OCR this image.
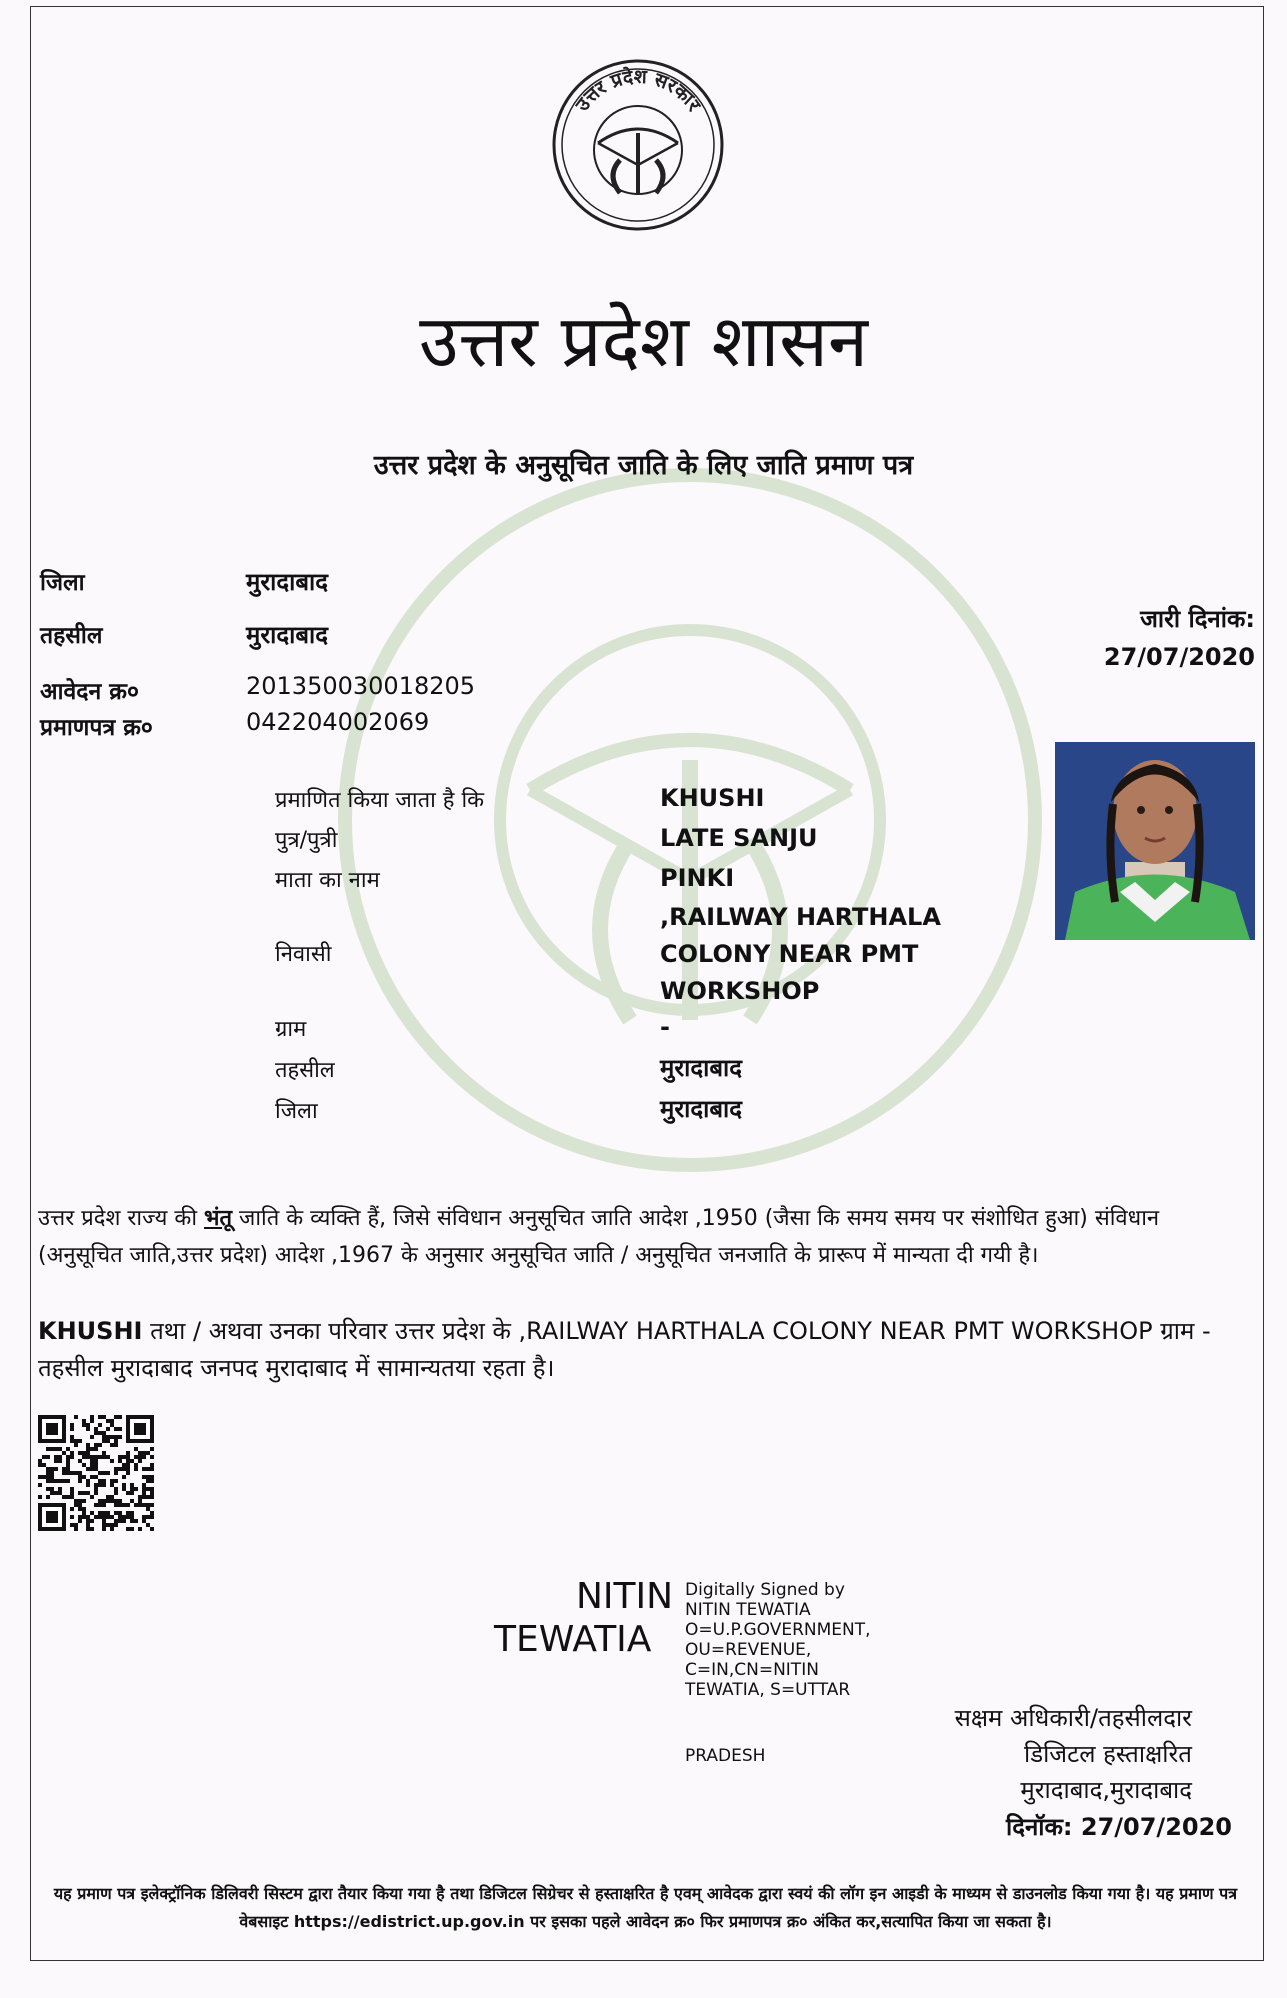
उत्तर प्रदेश सरकार
उत्तर प्रदेश शासन
उत्तर प्रदेश के अनुसूचित जाति के लिए जाति प्रमाण पत्र
जिला	मुरादाबाद
तहसील	मुरादाबाद
आवेदन क्र०	201350030018205
प्रमाणपत्र क्र०	042204002069
जारी दिनांक:
27/07/2020
प्रमाणित किया जाता है कि	KHUSHI
पुत्र/पुत्री	LATE SANJU
माता का नाम	PINKI
निवासी
,RAILWAY HARTHALA
COLONY NEAR PMT
WORKSHOP
ग्राम	-
तहसील	मुरादाबाद
जिला	मुरादाबाद
उत्तर प्रदेश राज्य की भंतू जाति के व्यक्ति हैं, जिसे संविधान अनुसूचित जाति आदेश ,1950 (जैसा कि समय समय पर संशोधित हुआ) संविधान (अनुसूचित जाति,उत्तर प्रदेश) आदेश ,1967 के अनुसार अनुसूचित जाति / अनुसूचित जनजाति के प्रारूप में मान्यता दी गयी है।
KHUSHI तथा / अथवा उनका परिवार उत्तर प्रदेश के ,RAILWAY HARTHALA COLONY NEAR PMT WORKSHOP ग्राम - तहसील मुरादाबाद जनपद मुरादाबाद में सामान्यतया रहता है।
NITIN
TEWATIA
Digitally Signed by
NITIN TEWATIA
O=U.P.GOVERNMENT,
OU=REVENUE,
C=IN,CN=NITIN
TEWATIA, S=UTTAR
PRADESH
सक्षम अधिकारी/तहसीलदार
डिजिटल हस्ताक्षरित
मुरादाबाद,मुरादाबाद
दिनॉक: 27/07/2020
यह प्रमाण पत्र इलेक्ट्रॉनिक डिलिवरी सिस्टम द्वारा तैयार किया गया है तथा डिजिटल सिग्रेचर से हस्ताक्षरित है एवम् आवेदक द्वारा स्वयं की लॉग इन आइडी के माध्यम से डाउनलोड किया गया है। यह प्रमाण पत्र वेबसाइट https://edistrict.up.gov.in पर इसका पहले आवेदन क्र० फिर प्रमाणपत्र क्र० अंकित कर,सत्यापित किया जा सकता है।
